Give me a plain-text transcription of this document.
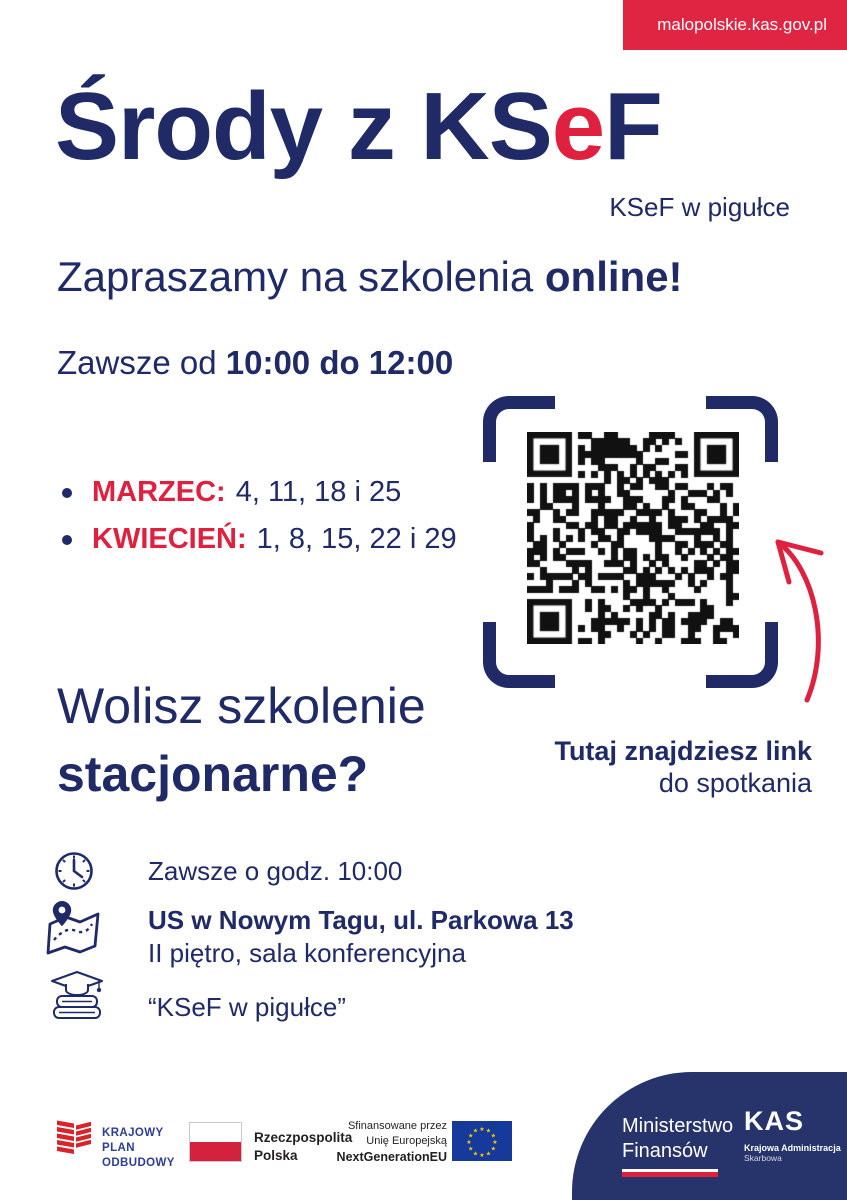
malopolskie.kas.gov.pl
Środy z KSeF
KSeF w pigułce
Zapraszamy na szkolenia online!
Zawsze od 10:00 do 12:00
MARZEC: 4, 11, 18 i 25
KWIECIEŃ: 1, 8, 15, 22 i 29
Tutaj znajdziesz link
do spotkania
Wolisz szkolenie
stacjonarne?
Zawsze o godz. 10:00
US w Nowym Tagu, ul. Parkowa 13
II piętro, sala konferencyjna
“KSeF w pigułce”
KRAJOWY
PLAN
ODBUDOWY
Rzeczpospolita
Polska
Sfinansowane przez
Unię Europejską
NextGenerationEU
★ ★
★
★
★
★
★
★
★
★
★
★	Ministerstwo
Finansów
KAS
Krajowa Administracja
Skarbowa
